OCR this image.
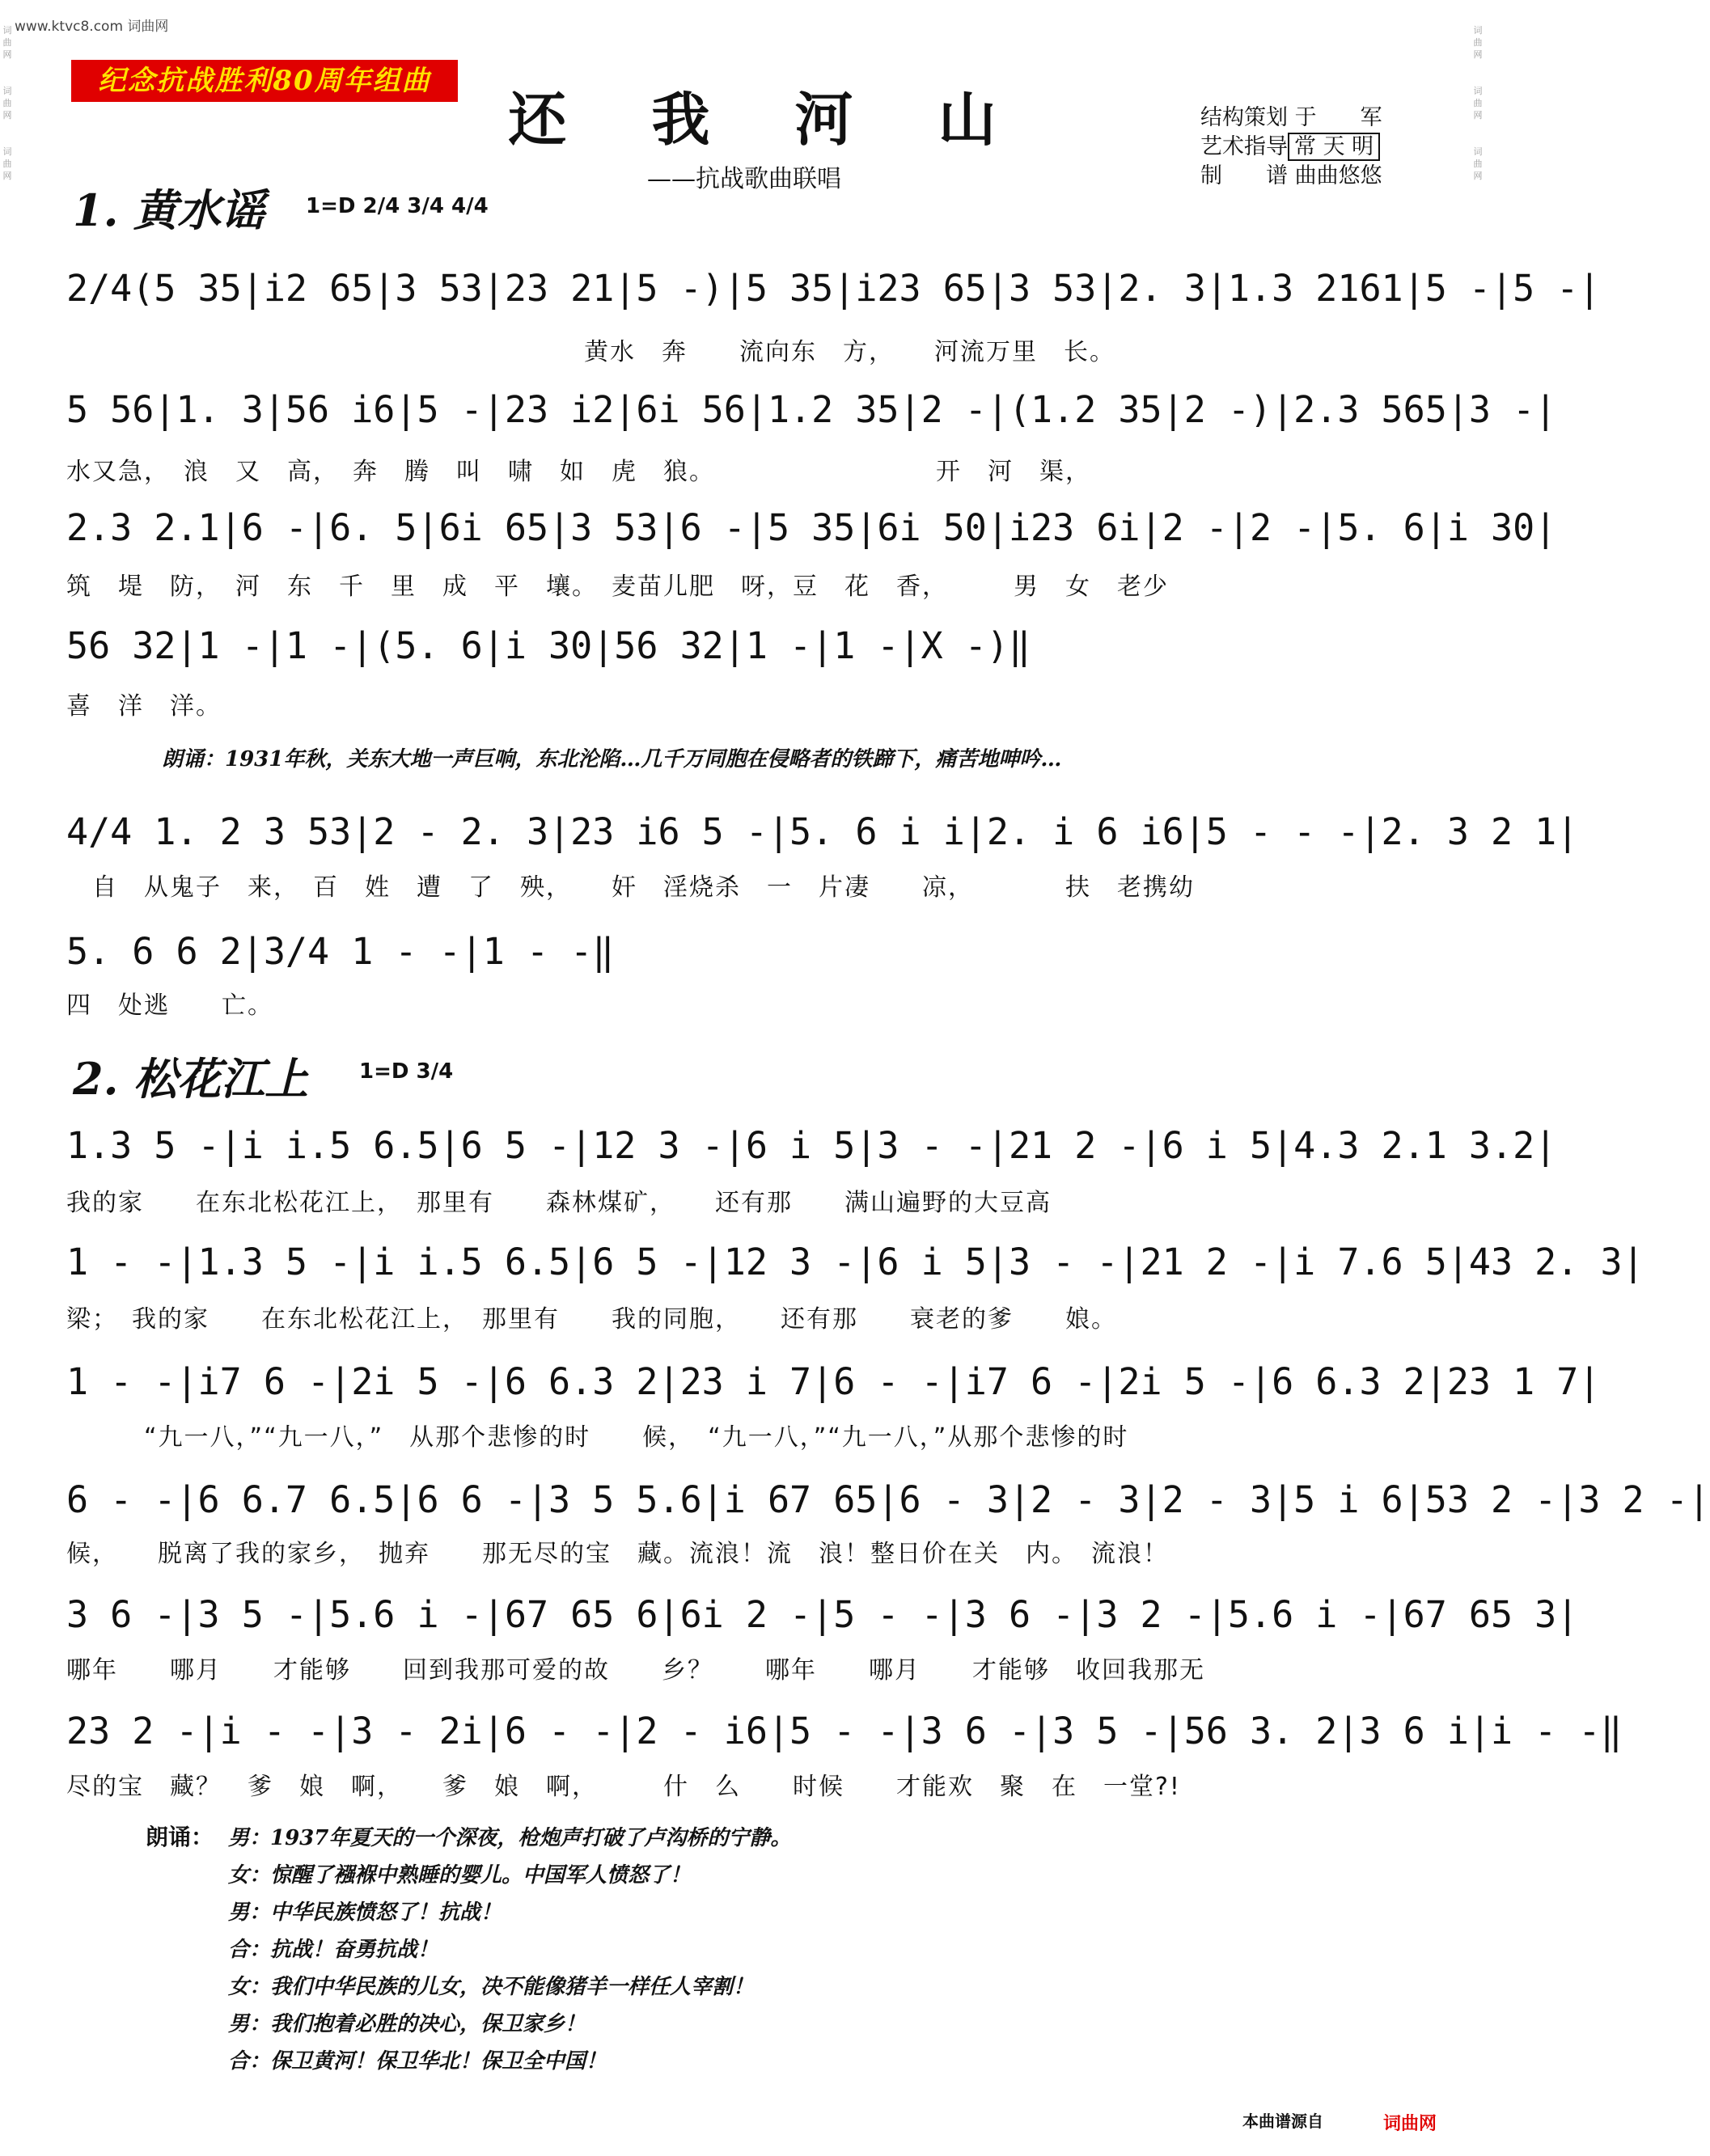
www.ktvc8.com 词曲网
词 曲 网
词 曲 网
词 曲 网
词 曲 网
词 曲 网
词 曲 网
纪念抗战胜利80周年组曲
还 我 河 山
——抗战歌曲联唱
结构策划 于　　军
艺术指导 常 天 明
制　　谱 曲曲悠悠
1. 黄水谣 1=D 2/4 3/4 4/4
2/4(5 35|i2 65|3 53|23 21|5 -)|5 35|i23 65|3 53|2. 3|1.3 2161|5 -|5 -|
　　　　　　　　　　　　　　　　　　　　黄水　奔　　流向东　方，　　河流万里　长。
5 56|1. 3|56 i6|5 -|23 i2|6i 56|1.2 35|2 -|(1.2 35|2 -)|2.3 565|3 -|
水又急，　浪　又　高，　奔　腾　叫　啸　如　虎　狼。　　　　　　　　　开　河　渠，
2.3 2.1|6 -|6. 5|6i 65|3 53|6 -|5 35|6i 50|i23 6i|2 -|2 -|5. 6|i 30|
筑　堤　防，　河　东　千　里　成　平　壤。　麦苗儿肥　呀，豆　花　香，　　　男　女　老少
56 32|1 -|1 -|(5. 6|i 30|56 32|1 -|1 -|X -)‖
喜　洋　洋。
朗诵：1931年秋，关东大地一声巨响，东北沦陷…几千万同胞在侵略者的铁蹄下，痛苦地呻吟…
4/4 1. 2 3 53|2 - 2. 3|23 i6 5 -|5. 6 i i|2. i 6 i6|5 - - -|2. 3 2 1|
　自　从鬼子　来，　百　姓　遭　了　殃，　　奸　淫烧杀　一　片凄　　凉，　　　　扶　老携幼
5. 6 6 2|3/4 1 - -|1 - -‖
四　处逃　　亡。
2. 松花江上 1=D 3/4
1.3 5 -|i i.5 6.5|6 5 -|12 3 -|6 i 5|3 - -|21 2 -|6 i 5|4.3 2.1 3.2|
我的家　　在东北松花江上，　那里有　　森林煤矿，　　还有那　　满山遍野的大豆高
1 - -|1.3 5 -|i i.5 6.5|6 5 -|12 3 -|6 i 5|3 - -|21 2 -|i 7.6 5|43 2. 3|
梁；　我的家　　在东北松花江上，　那里有　　我的同胞，　　还有那　　衰老的爹　　娘。
1 - -|i7 6 -|2i 5 -|6 6.3 2|23 i 7|6 - -|i7 6 -|2i 5 -|6 6.3 2|23 1 7|
　　　“九一八，”“九一八，”　从那个悲惨的时　　候，　“九一八，”“九一八，”从那个悲惨的时
6 - -|6 6.7 6.5|6 6 -|3 5 5.6|i 67 65|6 - 3|2 - 3|2 - 3|5 i 6|53 2 -|3 2 -|
候，　　脱离了我的家乡，　抛弃　　那无尽的宝　藏。流浪！流　浪！整日价在关　内。　流浪！
3 6 -|3 5 -|5.6 i -|67 65 6|6i 2 -|5 - -|3 6 -|3 2 -|5.6 i -|67 65 3|
哪年　　哪月　　才能够　　回到我那可爱的故　　乡？　　哪年　　哪月　　才能够　收回我那无
23 2 -|i - -|3 - 2i|6 - -|2 - i6|5 - -|3 6 -|3 5 -|56 3. 2|3 6 i|i - -‖
尽的宝　藏？　爹　娘　啊，　　爹　娘　啊，　　　什　么　　时候　　才能欢　聚　在　一堂?!
朗诵： 男：1937年夏天的一个深夜，枪炮声打破了卢沟桥的宁静。
女：惊醒了襁褓中熟睡的婴儿。中国军人愤怒了！
男：中华民族愤怒了！抗战！
合：抗战！奋勇抗战！
女：我们中华民族的儿女，决不能像猪羊一样任人宰割！
男：我们抱着必胜的决心，保卫家乡！
合：保卫黄河！保卫华北！保卫全中国！
本曲谱源自	词曲网
